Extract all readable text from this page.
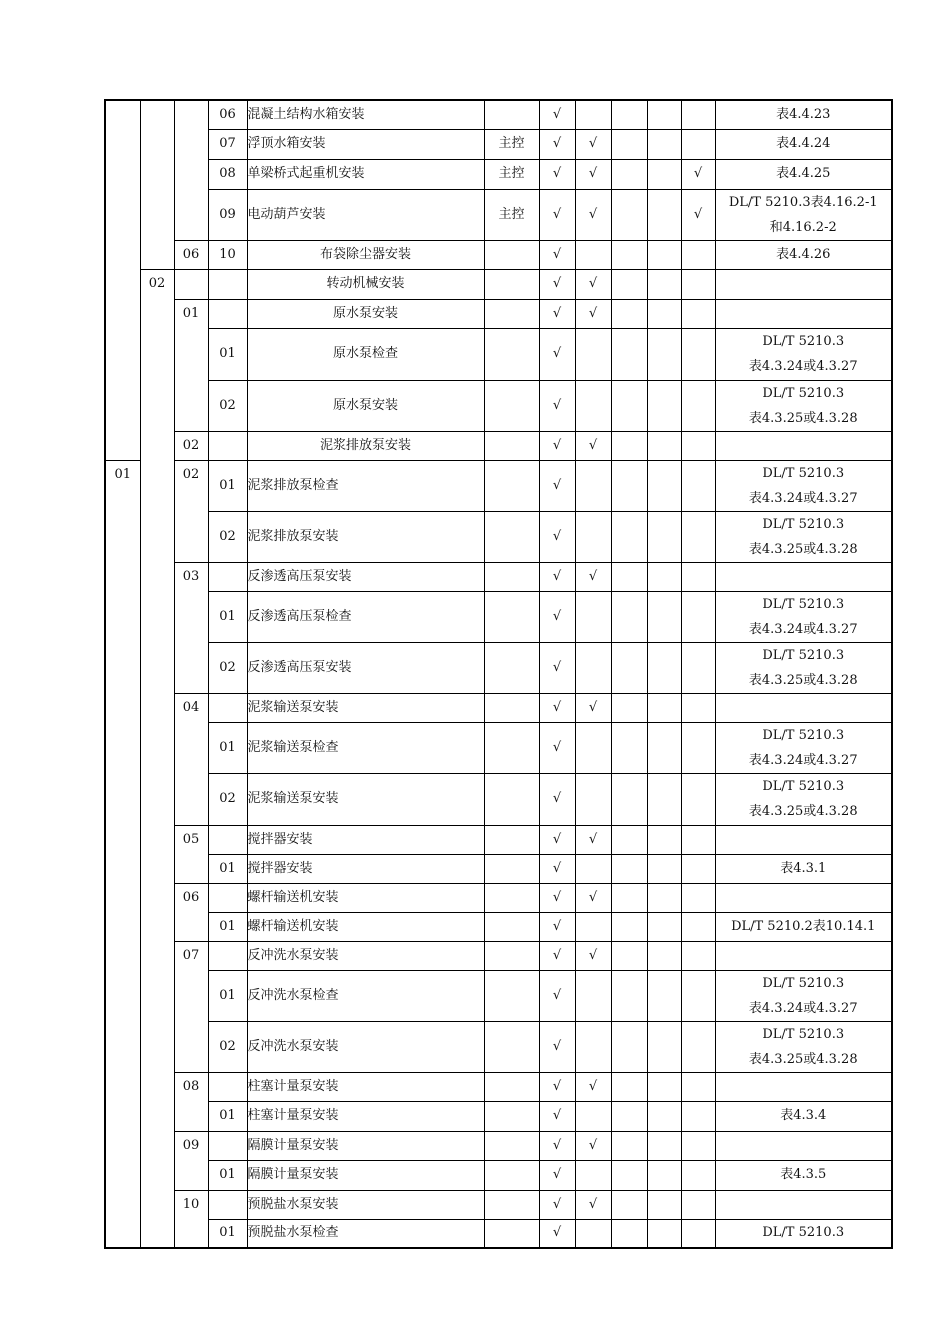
			06	混凝土结构水箱安装		√					表4.4.23

			07	浮顶水箱安装	主控	√	√				表4.4.24

			08	单梁桥式起重机安装	主控	√	√			√	表4.4.25

			09	电动葫芦安装	主控	√	√			√	DL/T 5210.3表4.16.2-1
和4.16.2-2

		06	10	布袋除尘器安装		√					表4.4.26

	02			转动机械安装		√	√				
		01		原水泵安装		√	√				
			01	原水泵检查		√					DL/T 5210.3
表4.3.24或4.3.27

			02	原水泵安装		√					DL/T 5210.3
表4.3.25或4.3.28

		02		泥浆排放泵安装		√	√				
01		02	01	泥浆排放泵检查		√					DL/T 5210.3
表4.3.24或4.3.27

			02	泥浆排放泵安装		√					DL/T 5210.3
表4.3.25或4.3.28

		03		反渗透高压泵安装		√	√				
			01	反渗透高压泵检查		√					DL/T 5210.3
表4.3.24或4.3.27

			02	反渗透高压泵安装		√					DL/T 5210.3
表4.3.25或4.3.28

		04		泥浆输送泵安装		√	√				
			01	泥浆输送泵检查		√					DL/T 5210.3
表4.3.24或4.3.27

			02	泥浆输送泵安装		√					DL/T 5210.3
表4.3.25或4.3.28

		05		搅拌器安装		√	√				
			01	搅拌器安装		√					表4.3.1

		06		螺杆输送机安装		√	√				
			01	螺杆输送机安装		√					DL/T 5210.2表10.14.1

		07		反冲洗水泵安装		√	√				
			01	反冲洗水泵检查		√					DL/T 5210.3
表4.3.24或4.3.27

			02	反冲洗水泵安装		√					DL/T 5210.3
表4.3.25或4.3.28

		08		柱塞计量泵安装		√	√				
			01	柱塞计量泵安装		√					表4.3.4

		09		隔膜计量泵安装		√	√				
			01	隔膜计量泵安装		√					表4.3.5

		10		预脱盐水泵安装		√	√				
			01	预脱盐水泵检查		√					DL/T 5210.3
